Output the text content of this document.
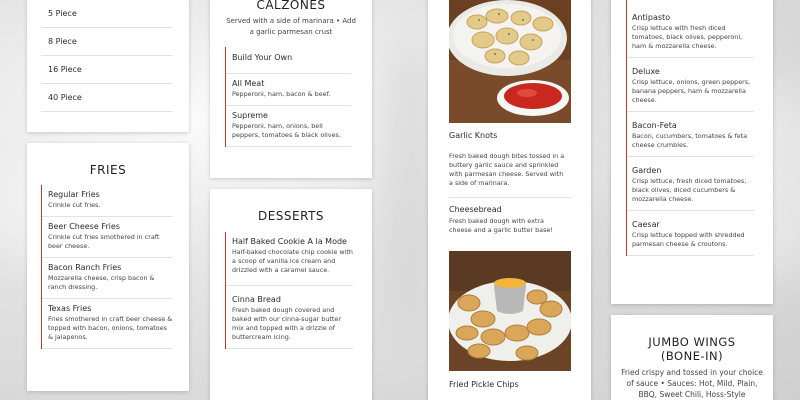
5 Piece
8 Piece
16 Piece
40 Piece
FRIES
Regular Fries
Crinkle cut fries.
Beer Cheese Fries
Crinkle cut fries smothered in craft beer cheese.
Bacon Ranch Fries
Mozzarella cheese, crisp bacon & ranch dressing.
Texas Fries
Fries smothered in craft beer cheese & topped with bacon, onions, tomatoes & jalapenos.
CALZONES
Served with a side of marinara • Add a garlic parmesan crust
Build Your Own
All Meat
Pepperoni, ham, bacon & beef.
Supreme
Pepperoni, ham, onions, bell peppers, tomatoes & black olives.
DESSERTS
Half Baked Cookie A la Mode
Half-baked chocolate chip cookie with a scoop of vanilla ice cream and drizzled with a caramel sauce.
Cinna Bread
Fresh baked dough covered and baked with our cinna-sugar butter mix and topped with a drizzle of buttercream icing.
Garlic Knots
Fresh baked dough bites tossed in a buttery garlic sauce and sprinkled with parmesan cheese. Served with a side of marinara.
Cheesebread
Fresh baked dough with extra cheese and a garlic butter base!
Fried Pickle Chips
Antipasto
Crisp lettuce with fresh diced tomatoes, black olives, pepperoni, ham & mozzarella cheese.
Deluxe
Crisp lettuce, onions, green peppers, banana peppers, ham & mozzarella cheese.
Bacon-Feta
Bacon, cucumbers, tomatoes & feta cheese crumbles.
Garden
Crisp lettuce, fresh diced tomatoes, black olives, diced cucumbers & mozzarella cheese.
Caesar
Crisp lettuce topped with shredded parmesan cheese & croutons.
JUMBO WINGS
(BONE-IN)
Fried crispy and tossed in your choice of sauce • Sauces: Hot, Mild, Plain, BBQ, Sweet Chili, Hoss-Style
